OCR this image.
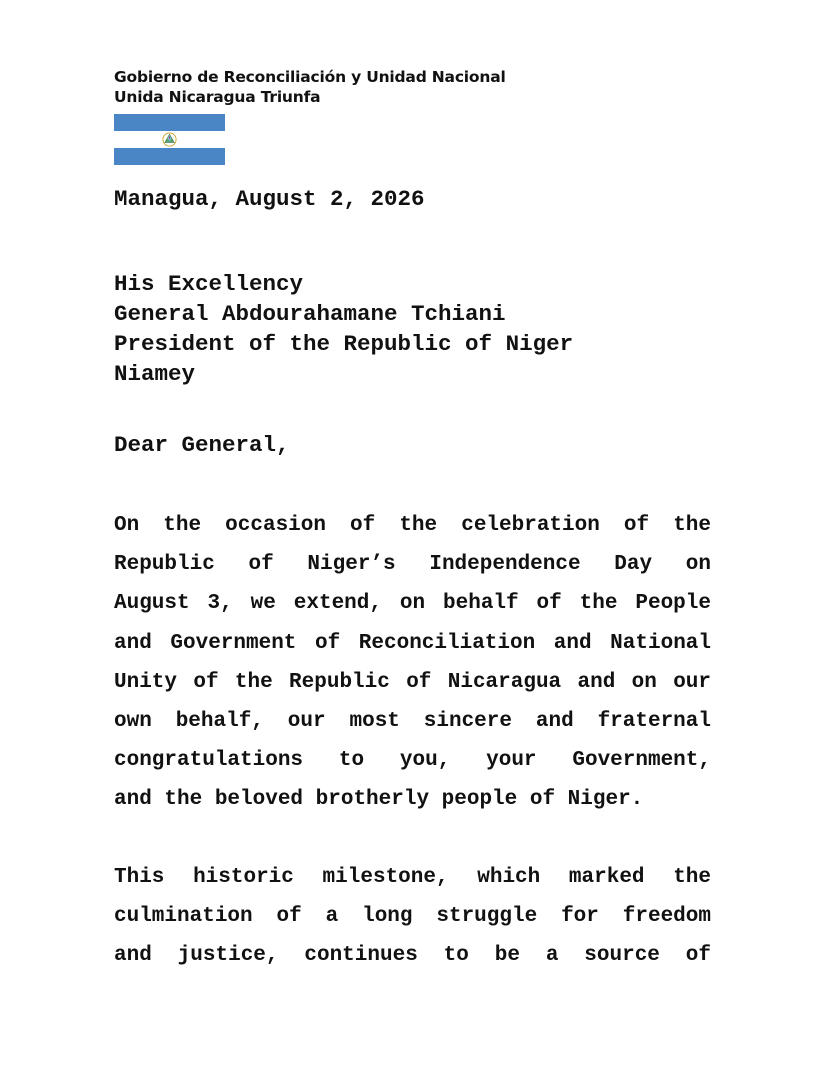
Gobierno de Reconciliación y Unidad Nacional
Unida Nicaragua Triunfa
Managua, August 2, 2026
His Excellency
General Abdourahamane Tchiani
President of the Republic of Niger
Niamey
Dear General,
On the occasion of the celebration of the
Republic of Niger’s Independence Day on
August 3, we extend, on behalf of the People
and Government of Reconciliation and National
Unity of the Republic of Nicaragua and on our
own behalf, our most sincere and fraternal
congratulations to you, your Government,
and the beloved brotherly people of Niger.
This historic milestone, which marked the
culmination of a long struggle for freedom
and justice, continues to be a source of
